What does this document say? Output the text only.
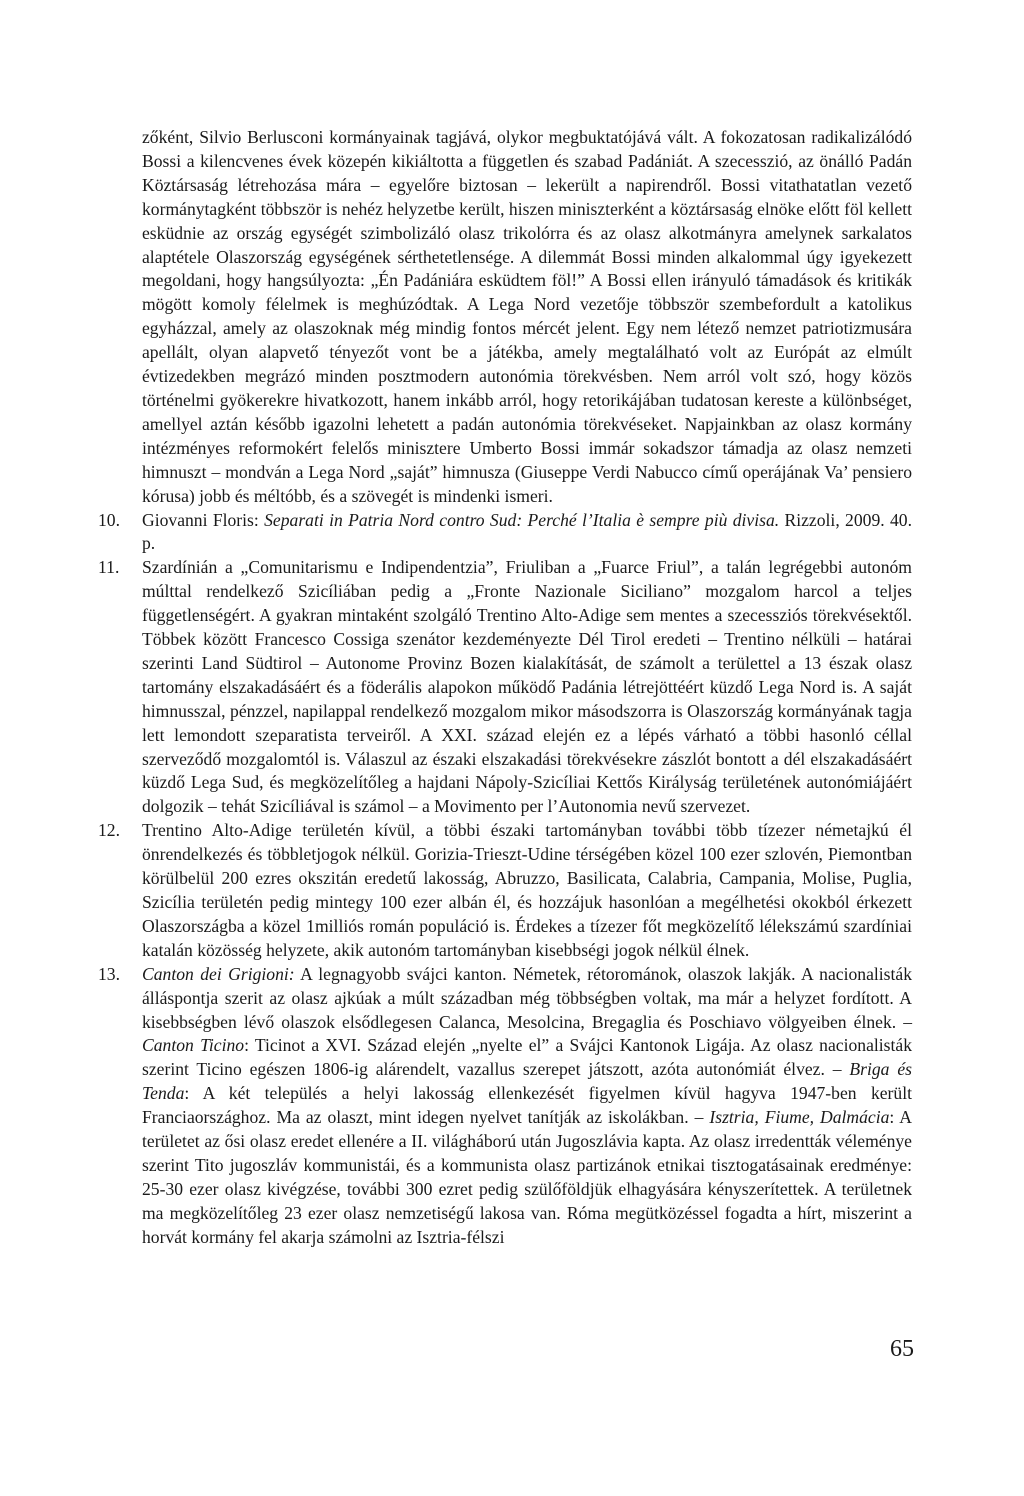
zőként, Silvio Berlusconi kormányainak tagjává, olykor megbuktatójává vált. A fokozatosan radikalizálódó Bossi a kilencvenes évek közepén kikiáltotta a független és szabad Padániát. A szecesszió, az önálló Padán Köztársaság létrehozása mára – egyelőre biztosan – lekerült a napirendről. Bossi vitathatatlan vezető kormánytagként többször is nehéz helyzetbe került, hiszen miniszterként a köztársaság elnöke előtt föl kellett esküdnie az ország egységét szimbolizáló olasz trikolórra és az olasz alkotmányra amelynek sarkalatos alaptétele Olaszország egységének sérthetetlensége. A dilemmát Bossi minden alkalommal úgy igyekezett megoldani, hogy hangsúlyozta: „Én Padániára esküdtem föl!” A Bossi ellen irányuló támadások és kritikák mögött komoly félelmek is meghúzódtak. A Lega Nord vezetője többször szembefordult a katolikus egyházzal, amely az olaszoknak még mindig fontos mércét jelent. Egy nem létező nemzet patriotizmusára apellált, olyan alapvető tényezőt vont be a játékba, amely megtalálható volt az Európát az elmúlt évtizedekben megrázó minden posztmodern autonómia törekvésben. Nem arról volt szó, hogy közös történelmi gyökerekre hivatkozott, hanem inkább arról, hogy retorikájában tudatosan kereste a különbséget, amellyel aztán később igazolni lehetett a padán autonómia törekvéseket. Napjainkban az olasz kormány intézményes reformokért felelős minisztere Umberto Bossi immár sokadszor támadja az olasz nemzeti himnuszt – mondván a Lega Nord „saját” himnusza (Giuseppe Verdi Nabucco című operájának Va’ pensiero kórusa) jobb és méltóbb, és a szövegét is mindenki ismeri.

10.	Giovanni Floris: Separati in Patria Nord contro Sud: Perché l’Italia è sempre più divisa. Rizzoli, 2009. 40. p.

11.	Szardínián a „Comunitarismu e Indipendentzia”, Friuliban a „Fuarce Friul”, a talán legrégebbi autonóm múlttal rendelkező Szicíliában pedig a „Fronte Nazionale Siciliano” mozgalom harcol a teljes függetlenségért. A gyakran mintaként szolgáló Trentino Alto-Adige sem mentes a szecessziós törekvésektől. Többek között Francesco Cossiga szenátor kezdeményezte Dél Tirol eredeti – Trentino nélküli – határai szerinti Land Südtirol – Autonome Provinz Bozen kialakítását, de számolt a területtel a 13 észak olasz tartomány elszakadásáért és a föderális alapokon működő Padánia létrejöttéért küzdő Lega Nord is. A saját himnusszal, pénzzel, napilappal rendelkező mozgalom mikor másodszorra is Olaszország kormányának tagja lett lemondott szeparatista terveiről. A XXI. század elején ez a lépés várható a többi hasonló céllal szerveződő mozgalomtól is. Válaszul az északi elszakadási törekvésekre zászlót bontott a dél elszakadásáért küzdő Lega Sud, és megközelítőleg a hajdani Nápoly-Szicíliai Kettős Királyság területének autonómiájáért dolgozik – tehát Szicíliával is számol – a Movimento per l’Autonomia nevű szervezet.

12.	Trentino Alto-Adige területén kívül, a többi északi tartományban további több tízezer németajkú él önrendelkezés és többletjogok nélkül. Gorizia-Trieszt-Udine térségében közel 100 ezer szlovén, Piemontban körülbelül 200 ezres okszitán eredetű lakosság, Abruzzo, Basilicata, Calabria, Campania, Molise, Puglia, Szicília területén pedig mintegy 100 ezer albán él, és hozzájuk hasonlóan a megélhetési okokból érkezett Olaszországba a közel 1milliós román populáció is. Érdekes a tízezer főt megközelítő lélekszámú szardíniai katalán közösség helyzete, akik autonóm tartományban kisebbségi jogok nélkül élnek.

13.	Canton dei Grigioni: A legnagyobb svájci kanton. Németek, rétorománok, olaszok lakják. A nacionalisták álláspontja szerit az olasz ajkúak a múlt században még többségben voltak, ma már a helyzet fordított. A kisebbségben lévő olaszok elsődlegesen Calanca, Mesolcina, Bregaglia és Poschiavo völgyeiben élnek. – Canton Ticino: Ticinot a XVI. Század elején „nyelte el” a Svájci Kantonok Ligája. Az olasz nacionalisták szerint Ticino egészen 1806-ig alárendelt, vazallus szerepet játszott, azóta autonómiát élvez. – Briga és Tenda: A két település a helyi lakosság ellenkezését figyelmen kívül hagyva 1947-ben került Franciaországhoz. Ma az olaszt, mint idegen nyelvet tanítják az iskolákban. – Isztria, Fiume, Dalmácia: A területet az ősi olasz eredet ellenére a II. világháború után Jugoszlávia kapta. Az olasz irredentták véleménye szerint Tito jugoszláv kommunistái, és a kommunista olasz partizánok etnikai tisztogatásainak eredménye: 25-30 ezer olasz kivégzése, további 300 ezret pedig szülőföldjük elhagyására kényszerítettek. A területnek ma megközelítőleg 23 ezer olasz nemzetiségű lakosa van. Róma megütközéssel fogadta a hírt, miszerint a horvát kormány fel akarja számolni az Isztria-félszi

65
